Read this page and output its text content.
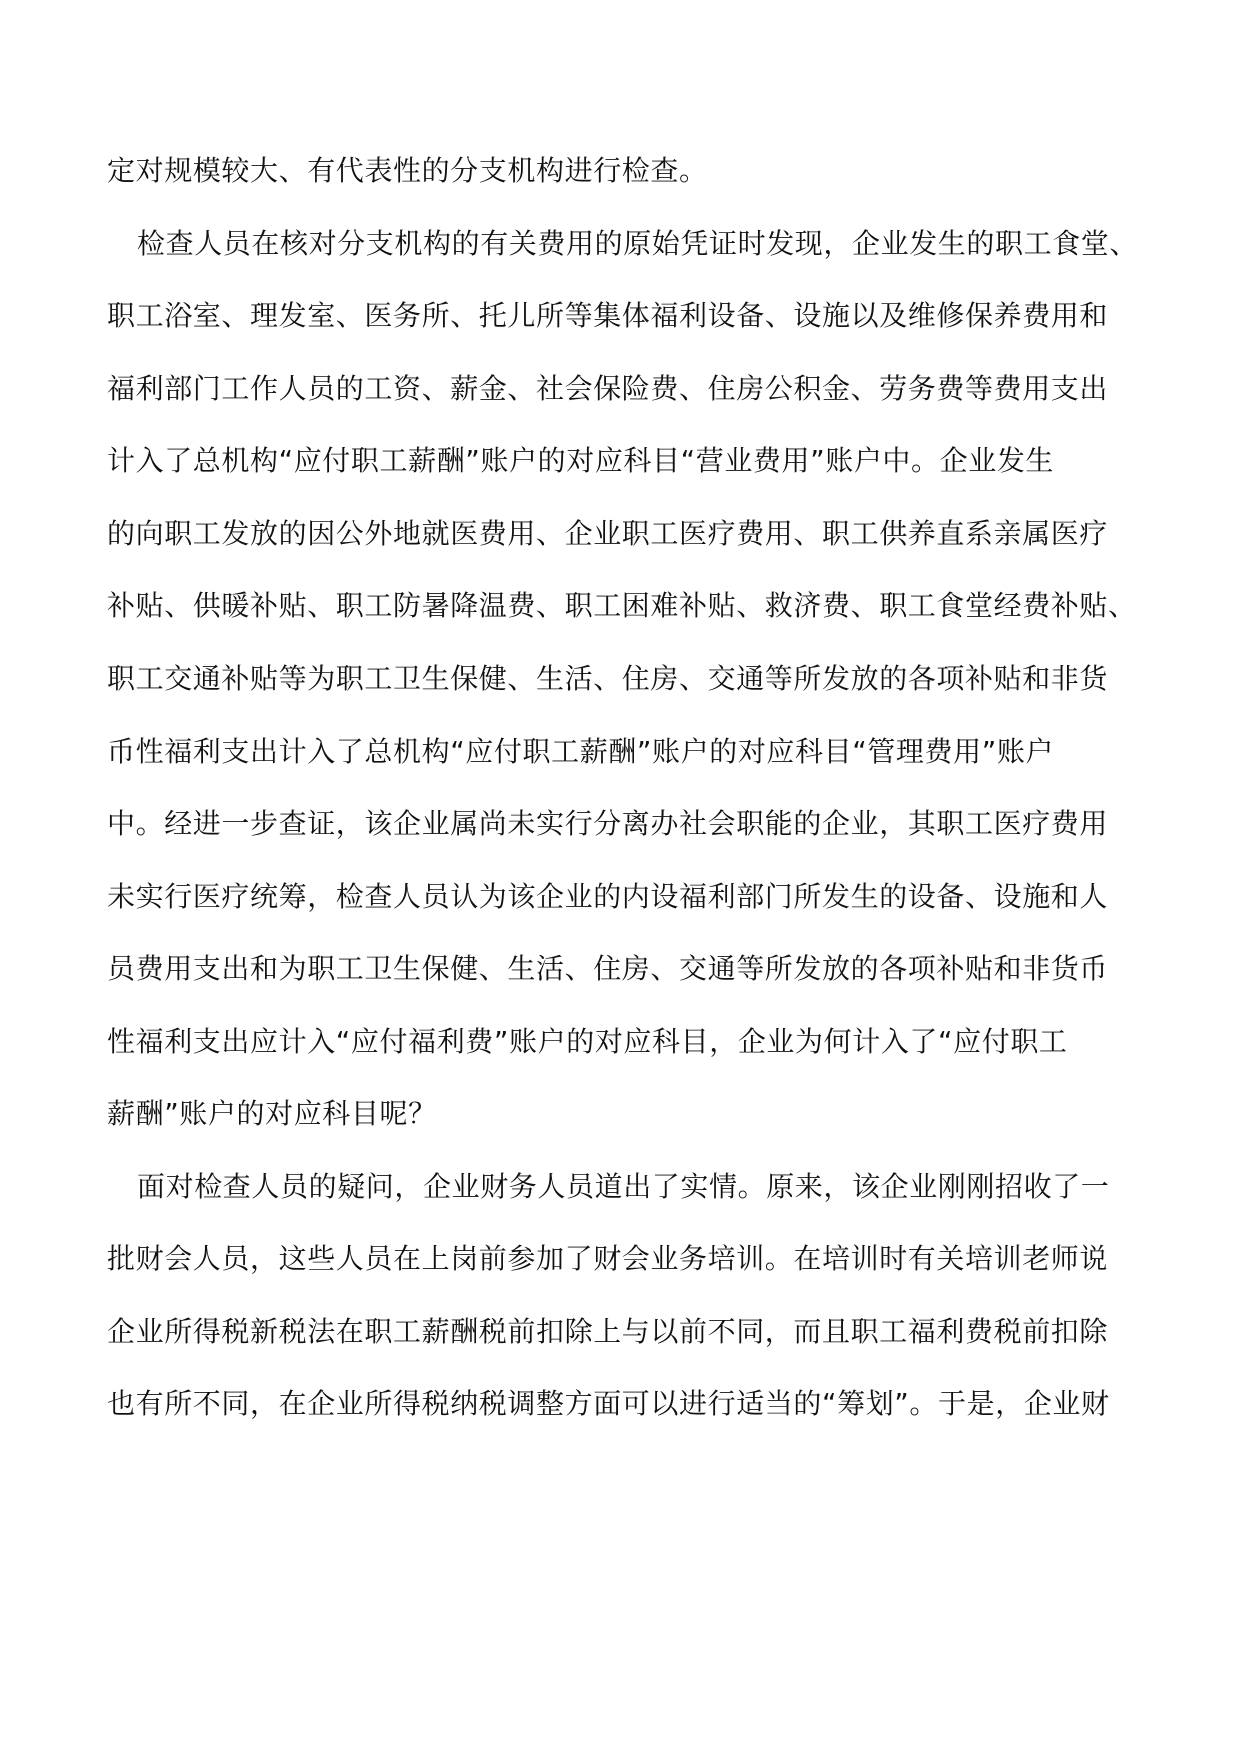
定对规模较大、有代表性的分支机构进行检查。
检查人员在核对分支机构的有关费用的原始凭证时发现，企业发生的职工食堂、
职工浴室、理发室、医务所、托儿所等集体福利设备、设施以及维修保养费用和
福利部门工作人员的工资、薪金、社会保险费、住房公积金、劳务费等费用支出
计入了总机构“应付职工薪酬”账户的对应科目“营业费用”账户中。企业发生
的向职工发放的因公外地就医费用、企业职工医疗费用、职工供养直系亲属医疗
补贴、供暖补贴、职工防暑降温费、职工困难补贴、救济费、职工食堂经费补贴、
职工交通补贴等为职工卫生保健、生活、住房、交通等所发放的各项补贴和非货
币性福利支出计入了总机构“应付职工薪酬”账户的对应科目“管理费用”账户
中。经进一步查证，该企业属尚未实行分离办社会职能的企业，其职工医疗费用
未实行医疗统筹，检查人员认为该企业的内设福利部门所发生的设备、设施和人
员费用支出和为职工卫生保健、生活、住房、交通等所发放的各项补贴和非货币
性福利支出应计入“应付福利费”账户的对应科目，企业为何计入了“应付职工
薪酬”账户的对应科目呢？
面对检查人员的疑问，企业财务人员道出了实情。原来，该企业刚刚招收了一
批财会人员，这些人员在上岗前参加了财会业务培训。在培训时有关培训老师说
企业所得税新税法在职工薪酬税前扣除上与以前不同，而且职工福利费税前扣除
也有所不同，在企业所得税纳税调整方面可以进行适当的“筹划”。于是，企业财
